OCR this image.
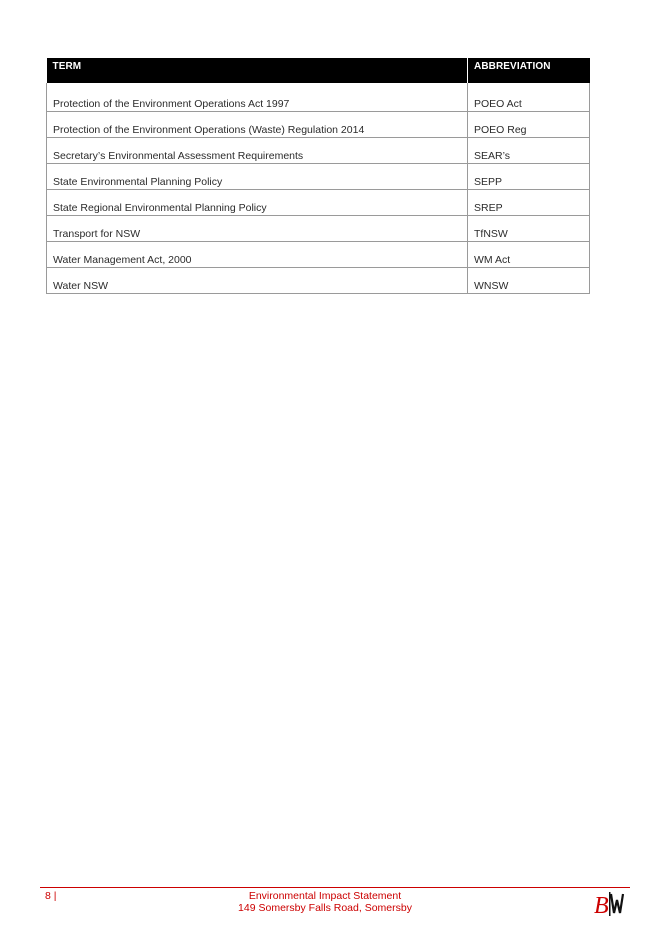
TERM	ABBREVIATION
Protection of the Environment Operations Act 1997	POEO Act
Protection of the Environment Operations (Waste) Regulation 2014	POEO Reg
Secretary’s Environmental Assessment Requirements	SEAR’s
State Environmental Planning Policy	SEPP
State Regional Environmental Planning Policy	SREP
Transport for NSW	TfNSW
Water Management Act, 2000	WM Act
Water NSW	WNSW
8 |	Environmental Impact Statement
149 Somersby Falls Road, Somersby	B
